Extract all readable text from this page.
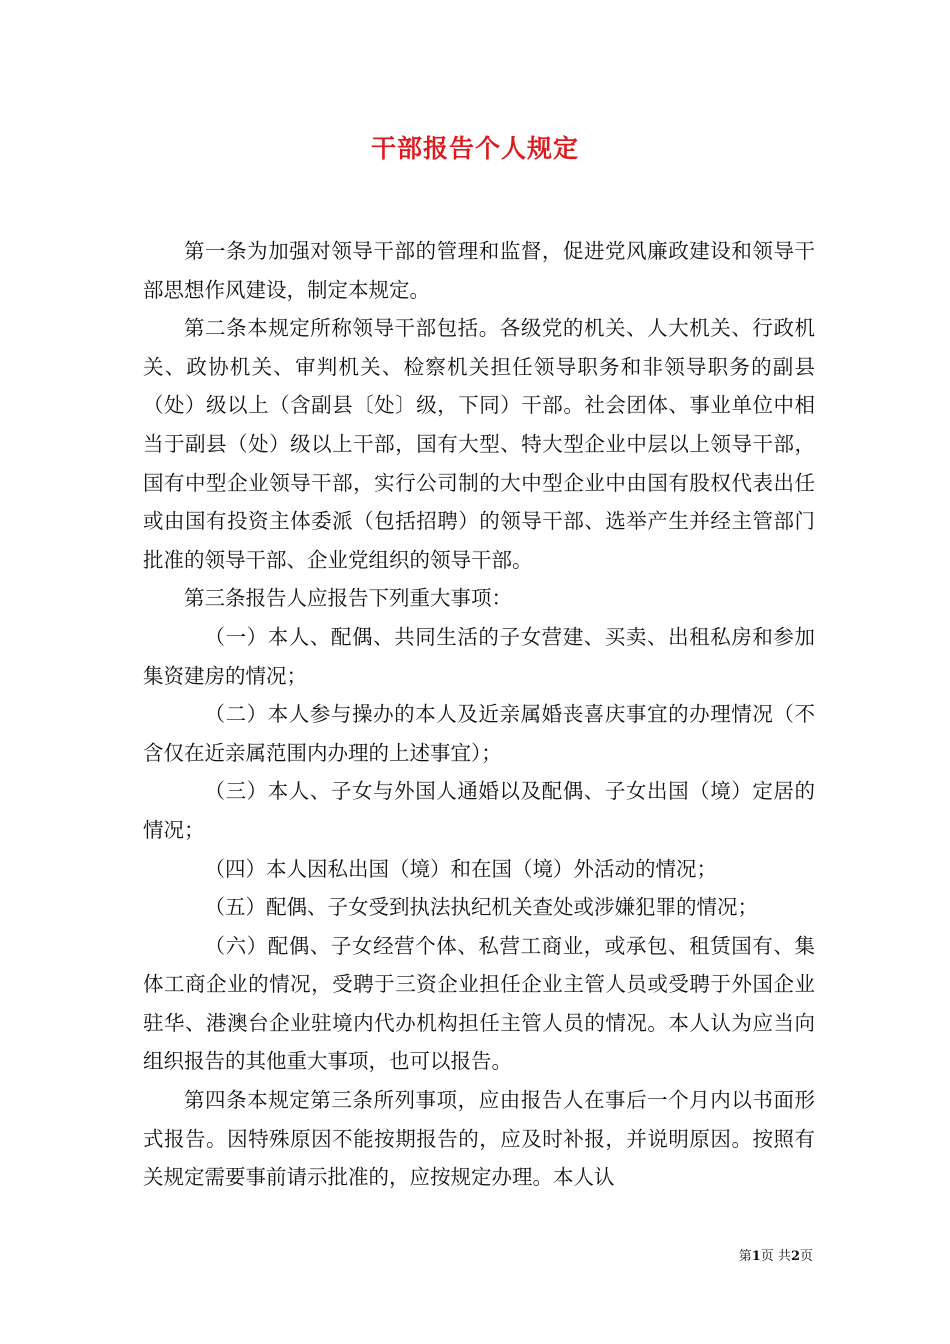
干部报告个人规定

第一条为加强对领导干部的管理和监督，促进党风廉政建设和领导干部思想作风建设，制定本规定。

第二条本规定所称领导干部包括。各级党的机关、人大机关、行政机关、政协机关、审判机关、检察机关担任领导职务和非领导职务的副县（处）级以上（含副县〔处〕级，下同）干部。社会团体、事业单位中相当于副县（处）级以上干部，国有大型、特大型企业中层以上领导干部，国有中型企业领导干部，实行公司制的大中型企业中由国有股权代表出任或由国有投资主体委派（包括招聘）的领导干部、选举产生并经主管部门批准的领导干部、企业党组织的领导干部。

第三条报告人应报告下列重大事项：

（一）本人、配偶、共同生活的子女营建、买卖、出租私房和参加集资建房的情况；

（二）本人参与操办的本人及近亲属婚丧喜庆事宜的办理情况（不含仅在近亲属范围内办理的上述事宜）；

（三）本人、子女与外国人通婚以及配偶、子女出国（境）定居的情况；

（四）本人因私出国（境）和在国（境）外活动的情况；

（五）配偶、子女受到执法执纪机关查处或涉嫌犯罪的情况；

（六）配偶、子女经营个体、私营工商业，或承包、租赁国有、集体工商企业的情况，受聘于三资企业担任企业主管人员或受聘于外国企业驻华、港澳台企业驻境内代办机构担任主管人员的情况。本人认为应当向组织报告的其他重大事项，也可以报告。

第四条本规定第三条所列事项，应由报告人在事后一个月内以书面形式报告。因特殊原因不能按期报告的，应及时补报，并说明原因。按照有关规定需要事前请示批准的，应按规定办理。本人认

第1页 共2页
